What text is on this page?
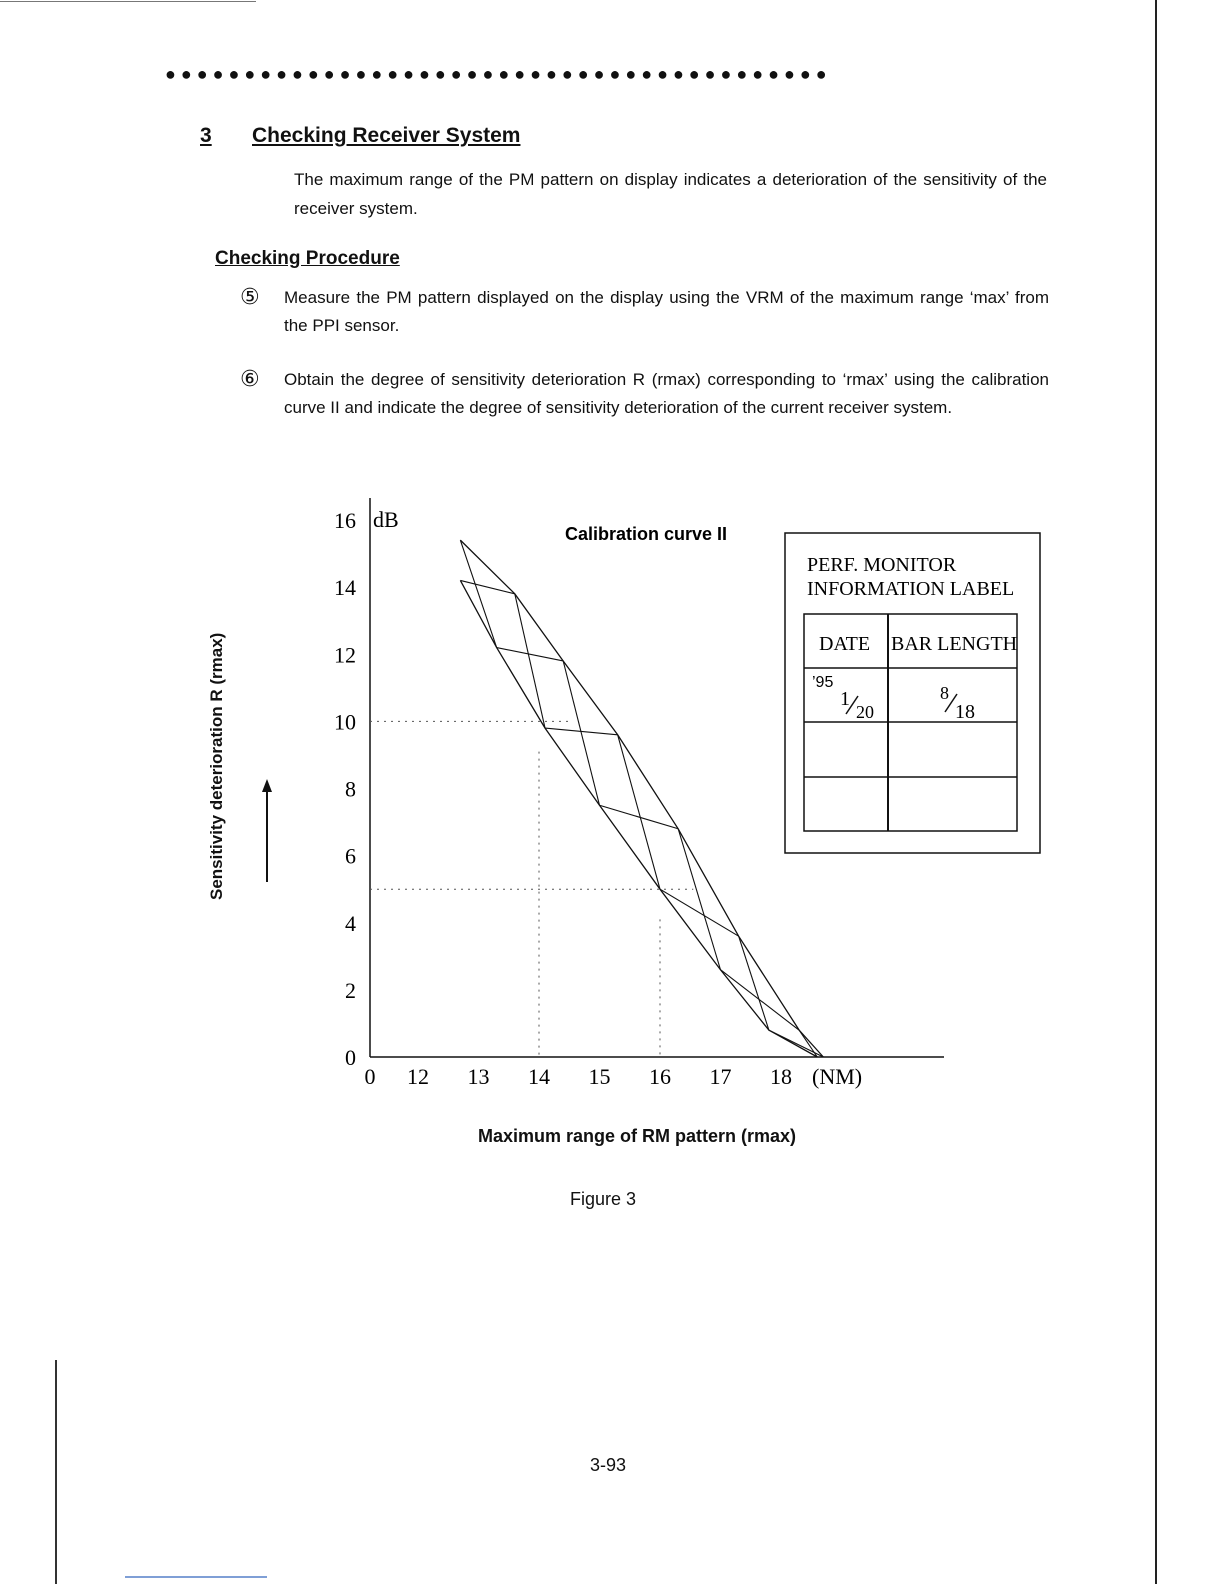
● ● ● ● ● ● ● ● ● ● ● ● ● ● ● ● ● ● ● ● ● ● ● ● ● ● ● ● ● ● ● ● ● ● ● ● ● ● ● ● ● ●
3 Checking Receiver System
The maximum range of the PM pattern on display indicates a deterioration of the sensitivity of the receiver system.
Checking Procedure
⑤ Measure the PM pattern displayed on the display using the VRM of the maximum range ‘max’ from the PPI sensor.
⑥ Obtain the degree of sensitivity deterioration R (rmax) corresponding to ‘rmax’ using the calibration curve II and indicate the degree of sensitivity deterioration of the current receiver system.
Sensitivity deterioration R (rmax)
0
2
4
6
8
10
12
14
16
0 12 13 14 15 16 17 18
dB
(NM)
Calibration curve II
PERF. MONITOR
INFORMATION LABEL
DATE BAR LENGTH
’95
1
20
8
18
Maximum range of RM pattern (rmax)
Figure 3
3-93
